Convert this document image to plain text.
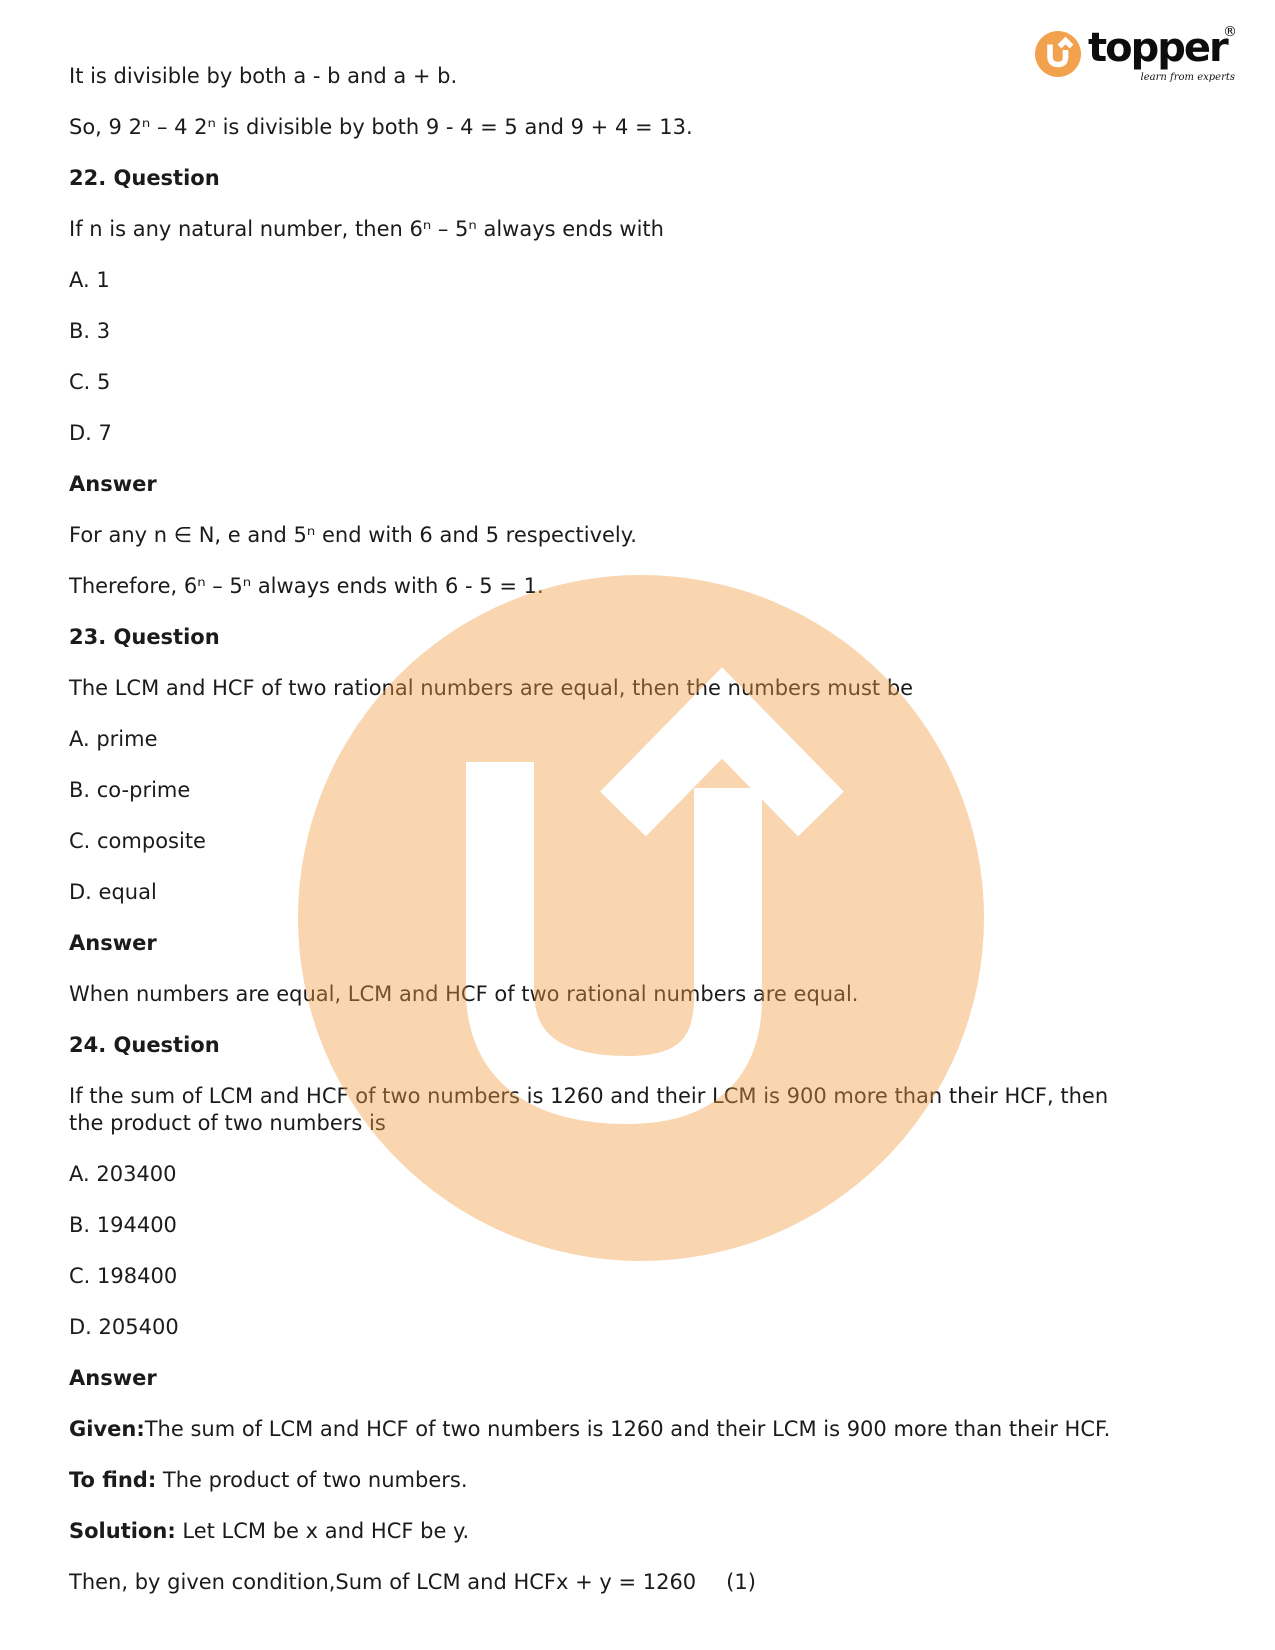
topper
®
learn from experts
It is divisible by both a - b and a + b.
So, 9 2ⁿ – 4 2ⁿ is divisible by both 9 - 4 = 5 and 9 + 4 = 13.
22. Question
If n is any natural number, then 6ⁿ – 5ⁿ always ends with
A. 1
B. 3
C. 5
D. 7
Answer
For any n ∈ N, e and 5ⁿ end with 6 and 5 respectively.
Therefore, 6ⁿ – 5ⁿ always ends with 6 - 5 = 1.
23. Question
The LCM and HCF of two rational numbers are equal, then the numbers must be
A. prime
B. co-prime
C. composite
D. equal
Answer
When numbers are equal, LCM and HCF of two rational numbers are equal.
24. Question
If the sum of LCM and HCF of two numbers is 1260 and their LCM is 900 more than their HCF, then
the product of two numbers is
A. 203400
B. 194400
C. 198400
D. 205400
Answer
Given:The sum of LCM and HCF of two numbers is 1260 and their LCM is 900 more than their HCF.
To find: The product of two numbers.
Solution: Let LCM be x and HCF be y.
Then, by given condition,Sum of LCM and HCFx + y = 1260 (1)
